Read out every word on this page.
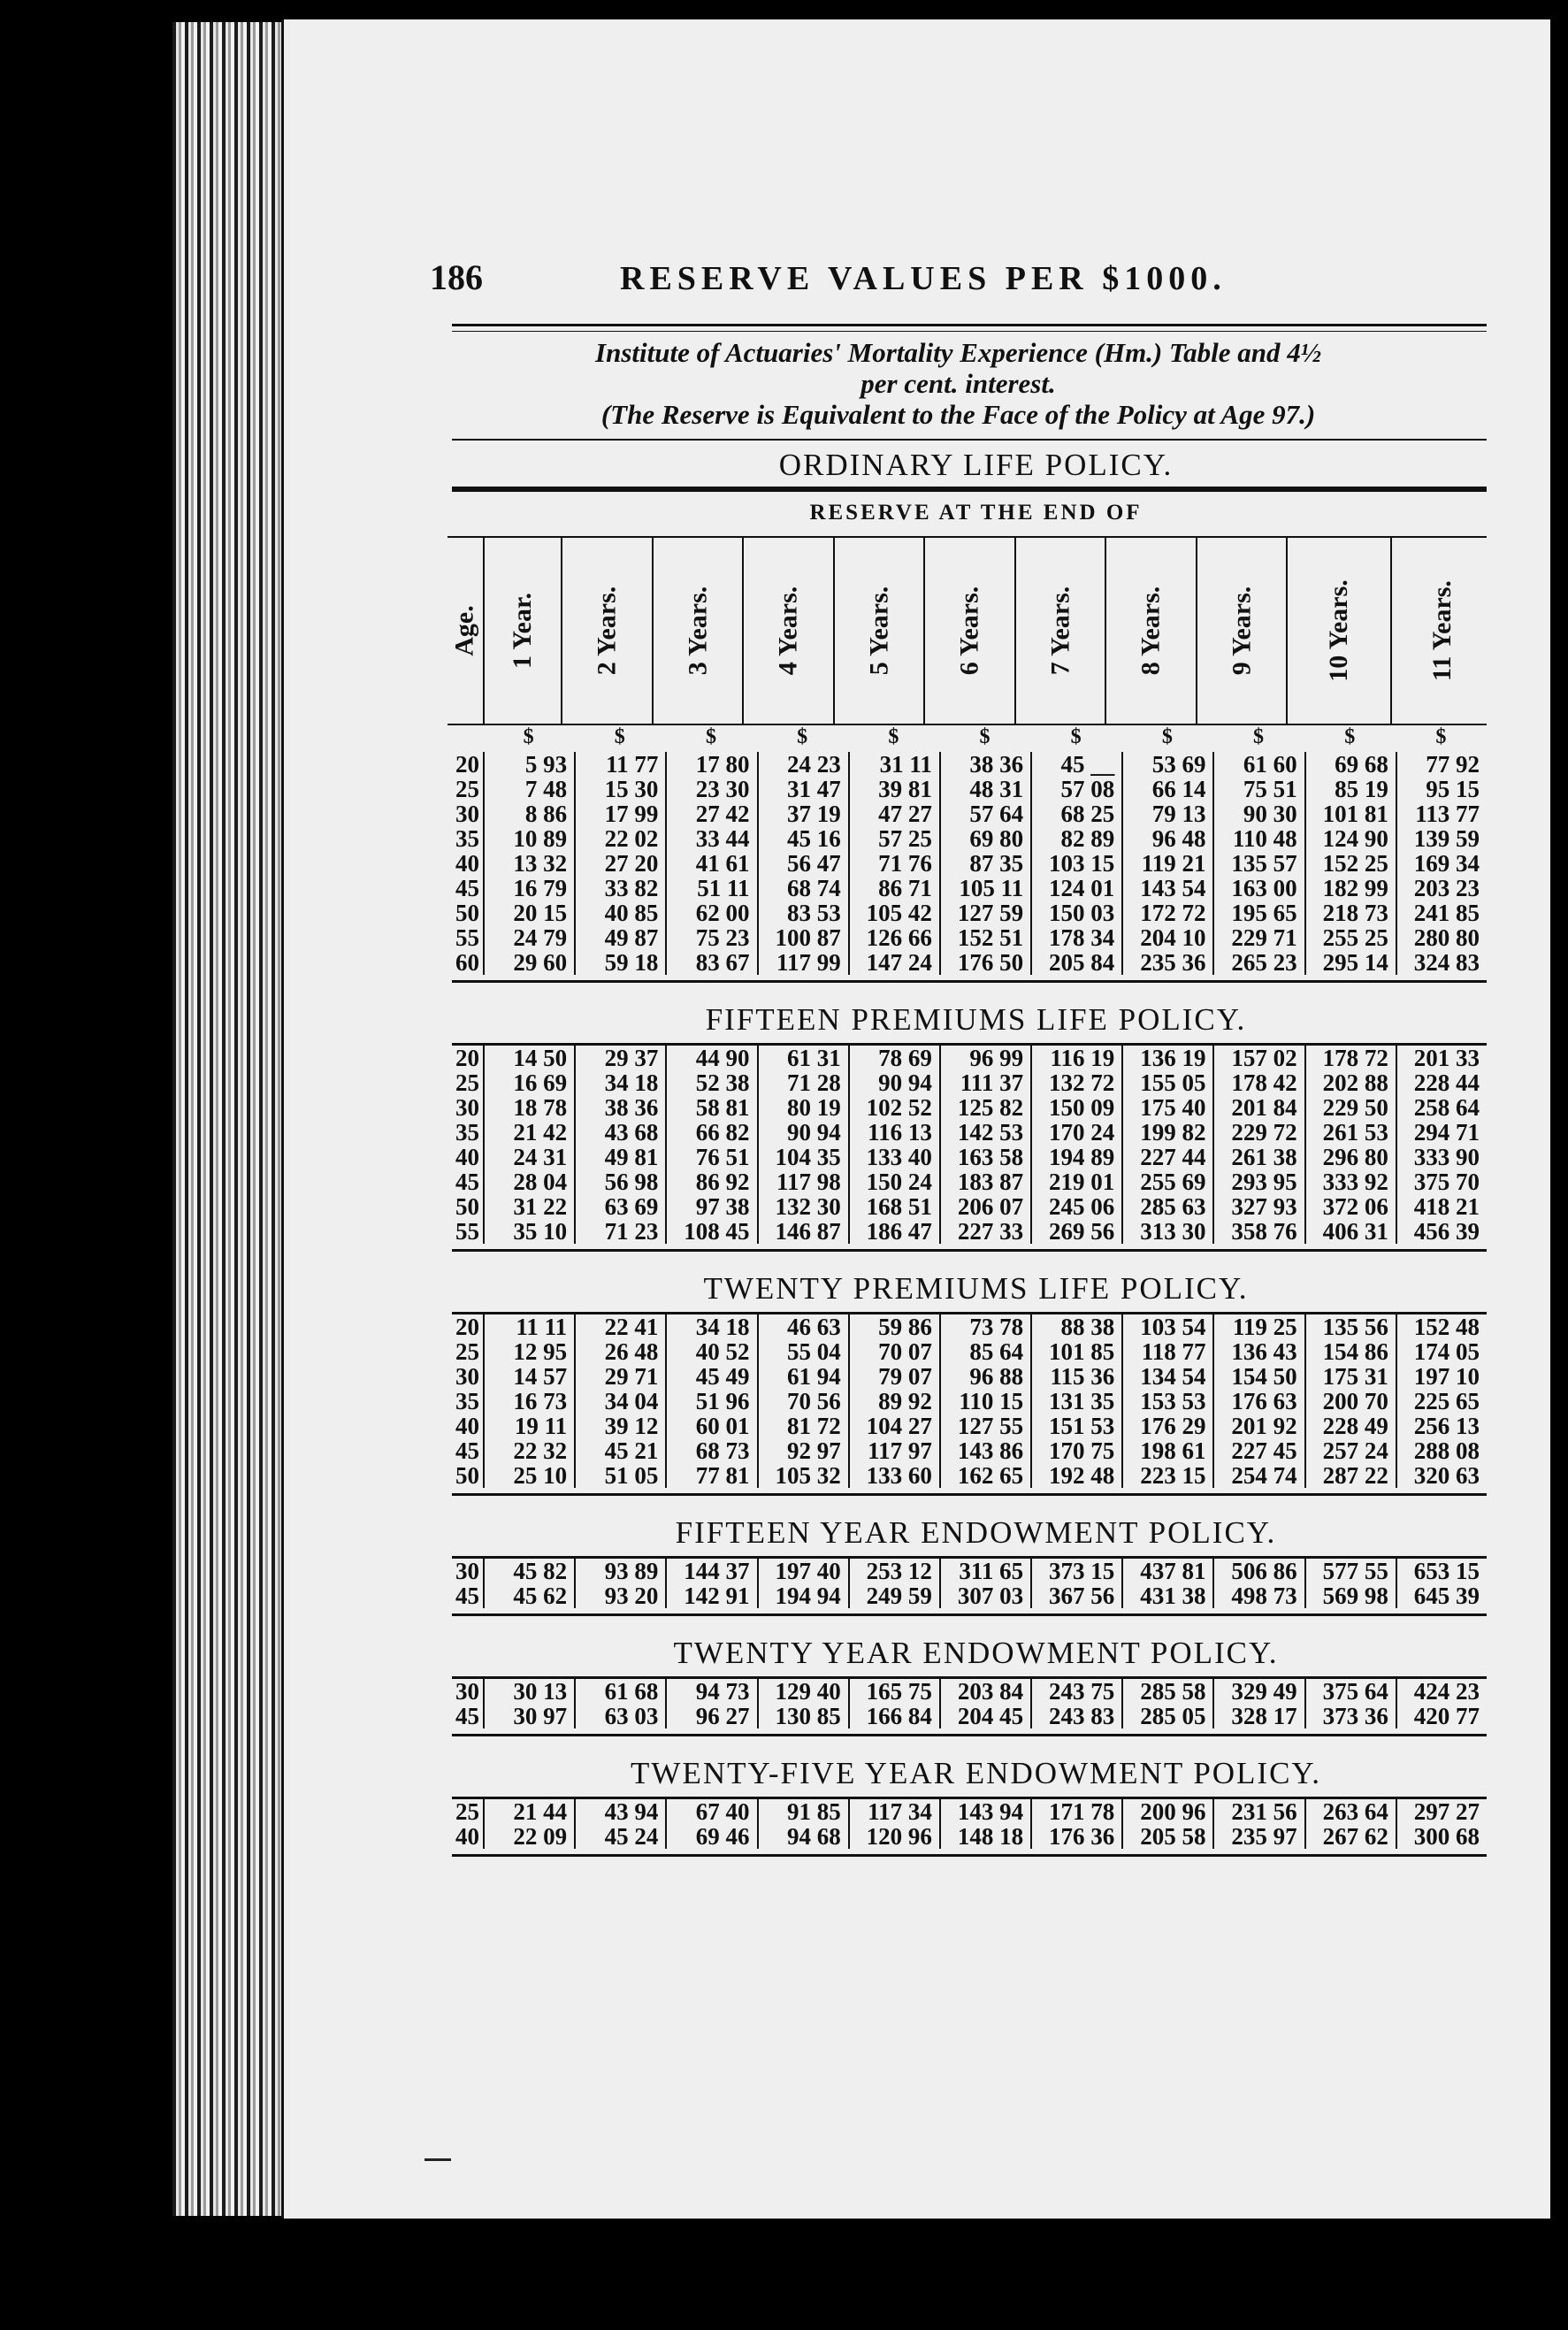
186	RESERVE VALUES PER $1000.
Institute of Actuaries' Mortality Experience (Hm.) Table and 4½
per cent. interest.
(The Reserve is Equivalent to the Face of the Policy at Age 97.)
ORDINARY LIFE POLICY.
RESERVE AT THE END OF
Age. 1 Year. 2 Years. 3 Years. 4 Years. 5 Years. 6 Years. 7 Years. 8 Years. 9 Years.	10 Years.	11 Years.
$	$	$	$	$	$	$	$	$	$	$
20	5 93	11 77	17 80	24 23	31 11	38 36	45 __	53 69	61 60	69 68	77 92
25	7 48	15 30	23 30	31 47	39 81	48 31	57 08	66 14	75 51	85 19	95 15
30	8 86	17 99	27 42	37 19	47 27	57 64	68 25	79 13	90 30	101 81	113 77
35	10 89	22 02	33 44	45 16	57 25	69 80	82 89	96 48	110 48	124 90	139 59
40	13 32	27 20	41 61	56 47	71 76	87 35	103 15	119 21	135 57	152 25	169 34
45	16 79	33 82	51 11	68 74	86 71	105 11	124 01	143 54	163 00	182 99	203 23
50	20 15	40 85	62 00	83 53	105 42	127 59	150 03	172 72	195 65	218 73	241 85
55	24 79	49 87	75 23	100 87	126 66	152 51	178 34	204 10	229 71	255 25	280 80
60	29 60	59 18	83 67	117 99	147 24	176 50	205 84	235 36	265 23	295 14	324 83
FIFTEEN PREMIUMS LIFE POLICY.
20	14 50	29 37	44 90	61 31	78 69	96 99	116 19	136 19	157 02	178 72	201 33
25	16 69	34 18	52 38	71 28	90 94	111 37	132 72	155 05	178 42	202 88	228 44
30	18 78	38 36	58 81	80 19	102 52	125 82	150 09	175 40	201 84	229 50	258 64
35	21 42	43 68	66 82	90 94	116 13	142 53	170 24	199 82	229 72	261 53	294 71
40	24 31	49 81	76 51	104 35	133 40	163 58	194 89	227 44	261 38	296 80	333 90
45	28 04	56 98	86 92	117 98	150 24	183 87	219 01	255 69	293 95	333 92	375 70
50	31 22	63 69	97 38	132 30	168 51	206 07	245 06	285 63	327 93	372 06	418 21
55	35 10	71 23	108 45	146 87	186 47	227 33	269 56	313 30	358 76	406 31	456 39
TWENTY PREMIUMS LIFE POLICY.
20	11 11	22 41	34 18	46 63	59 86	73 78	88 38	103 54	119 25	135 56	152 48
25	12 95	26 48	40 52	55 04	70 07	85 64	101 85	118 77	136 43	154 86	174 05
30	14 57	29 71	45 49	61 94	79 07	96 88	115 36	134 54	154 50	175 31	197 10
35	16 73	34 04	51 96	70 56	89 92	110 15	131 35	153 53	176 63	200 70	225 65
40	19 11	39 12	60 01	81 72	104 27	127 55	151 53	176 29	201 92	228 49	256 13
45	22 32	45 21	68 73	92 97	117 97	143 86	170 75	198 61	227 45	257 24	288 08
50	25 10	51 05	77 81	105 32	133 60	162 65	192 48	223 15	254 74	287 22	320 63
FIFTEEN YEAR ENDOWMENT POLICY.
30	45 82	93 89	144 37	197 40	253 12	311 65	373 15	437 81	506 86	577 55	653 15
45	45 62	93 20	142 91	194 94	249 59	307 03	367 56	431 38	498 73	569 98	645 39
TWENTY YEAR ENDOWMENT POLICY.
30	30 13	61 68	94 73	129 40	165 75	203 84	243 75	285 58	329 49	375 64	424 23
45	30 97	63 03	96 27	130 85	166 84	204 45	243 83	285 05	328 17	373 36	420 77
TWENTY-FIVE YEAR ENDOWMENT POLICY.
25	21 44	43 94	67 40	91 85	117 34	143 94	171 78	200 96	231 56	263 64	297 27
40	22 09	45 24	69 46	94 68	120 96	148 18	176 36	205 58	235 97	267 62	300 68
